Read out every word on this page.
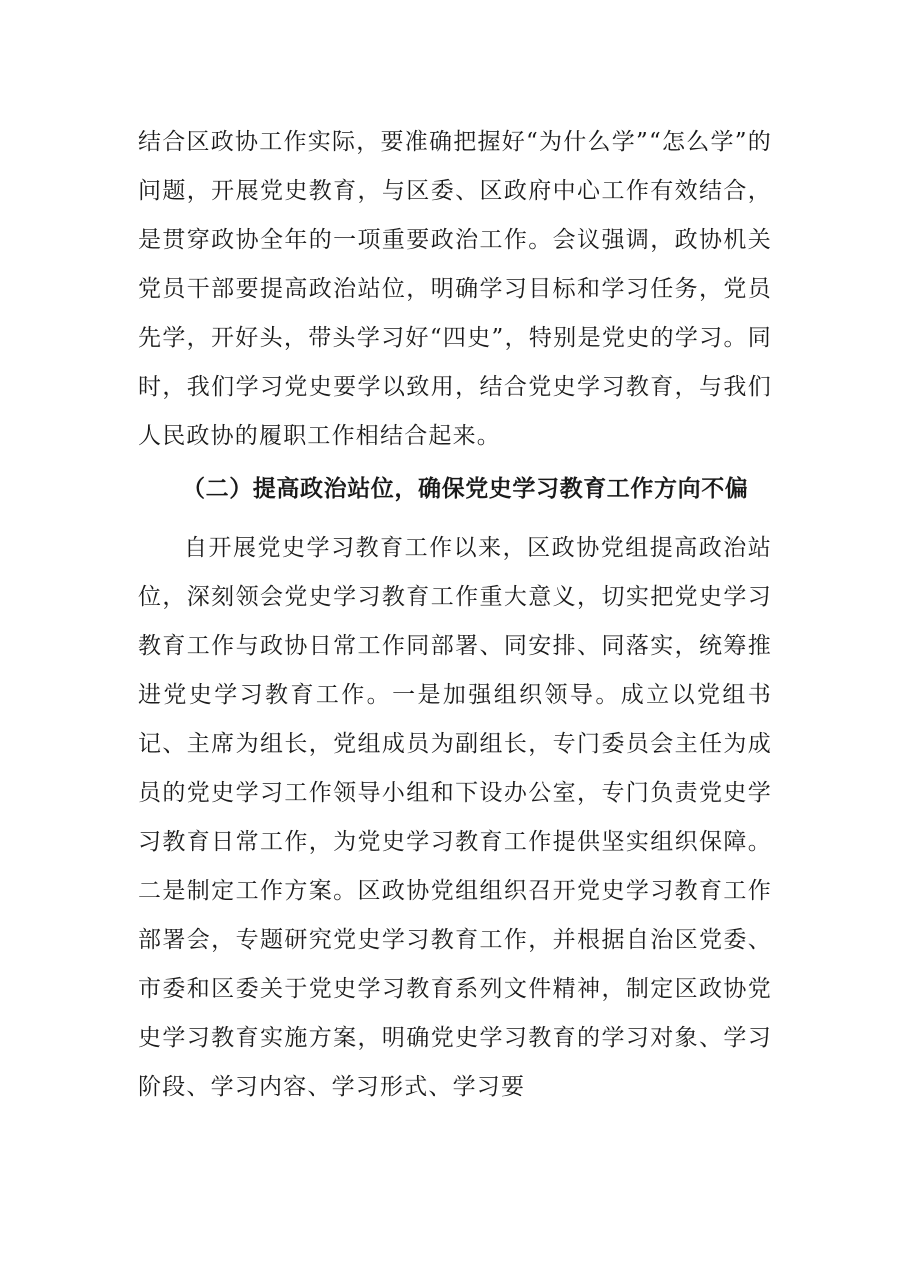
结合区政协工作实际，要准确把握好“为什么学”“怎么学”的问题，开展党史教育，与区委、区政府中心工作有效结合，是贯穿政协全年的一项重要政治工作。会议强调，政协机关党员干部要提高政治站位，明确学习目标和学习任务，党员先学，开好头，带头学习好“四史”，特别是党史的学习。同时，我们学习党史要学以致用，结合党史学习教育，与我们人民政协的履职工作相结合起来。

（二）提高政治站位，确保党史学习教育工作方向不偏

自开展党史学习教育工作以来，区政协党组提高政治站位，深刻领会党史学习教育工作重大意义，切实把党史学习教育工作与政协日常工作同部署、同安排、同落实，统筹推进党史学习教育工作。一是加强组织领导。成立以党组书记、主席为组长，党组成员为副组长，专门委员会主任为成员的党史学习工作领导小组和下设办公室，专门负责党史学习教育日常工作，为党史学习教育工作提供坚实组织保障。二是制定工作方案。区政协党组组织召开党史学习教育工作部署会，专题研究党史学习教育工作，并根据自治区党委、市委和区委关于党史学习教育系列文件精神，制定区政协党史学习教育实施方案，明确党史学习教育的学习对象、学习阶段、学习内容、学习形式、学习要
